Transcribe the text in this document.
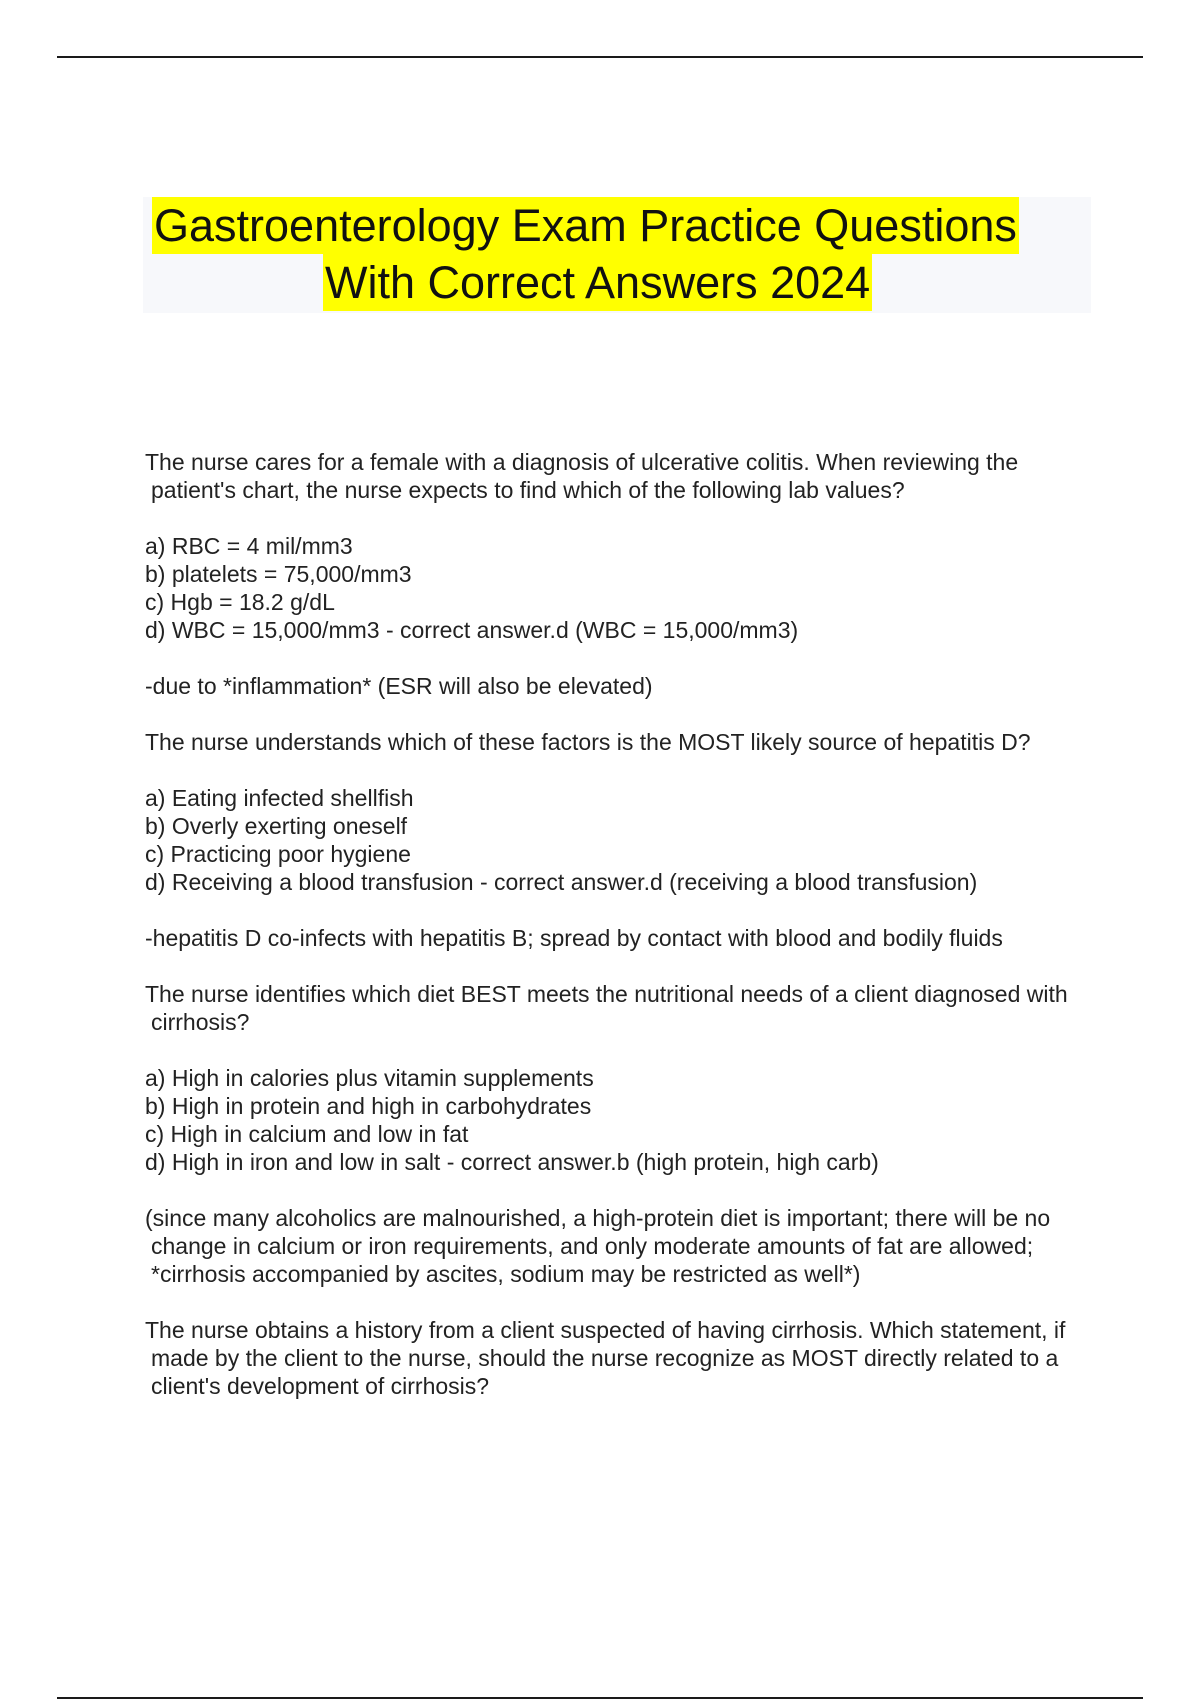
Gastroenterology Exam Practice Questions
With Correct Answers 2024

The nurse cares for a female with a diagnosis of ulcerative colitis. When reviewing the patient's chart, the nurse expects to find which of the following lab values?

a) RBC = 4 mil/mm3
b) platelets = 75,000/mm3
c) Hgb = 18.2 g/dL
d) WBC = 15,000/mm3 - correct answer.d (WBC = 15,000/mm3)

-due to *inflammation* (ESR will also be elevated)

The nurse understands which of these factors is the MOST likely source of hepatitis D?

a) Eating infected shellfish
b) Overly exerting oneself
c) Practicing poor hygiene
d) Receiving a blood transfusion - correct answer.d (receiving a blood transfusion)

-hepatitis D co-infects with hepatitis B; spread by contact with blood and bodily fluids

The nurse identifies which diet BEST meets the nutritional needs of a client diagnosed with cirrhosis?

a) High in calories plus vitamin supplements
b) High in protein and high in carbohydrates
c) High in calcium and low in fat
d) High in iron and low in salt - correct answer.b (high protein, high carb)

(since many alcoholics are malnourished, a high-protein diet is important; there will be no change in calcium or iron requirements, and only moderate amounts of fat are allowed; *cirrhosis accompanied by ascites, sodium may be restricted as well*)

The nurse obtains a history from a client suspected of having cirrhosis. Which statement, if made by the client to the nurse, should the nurse recognize as MOST directly related to a client's development of cirrhosis?
